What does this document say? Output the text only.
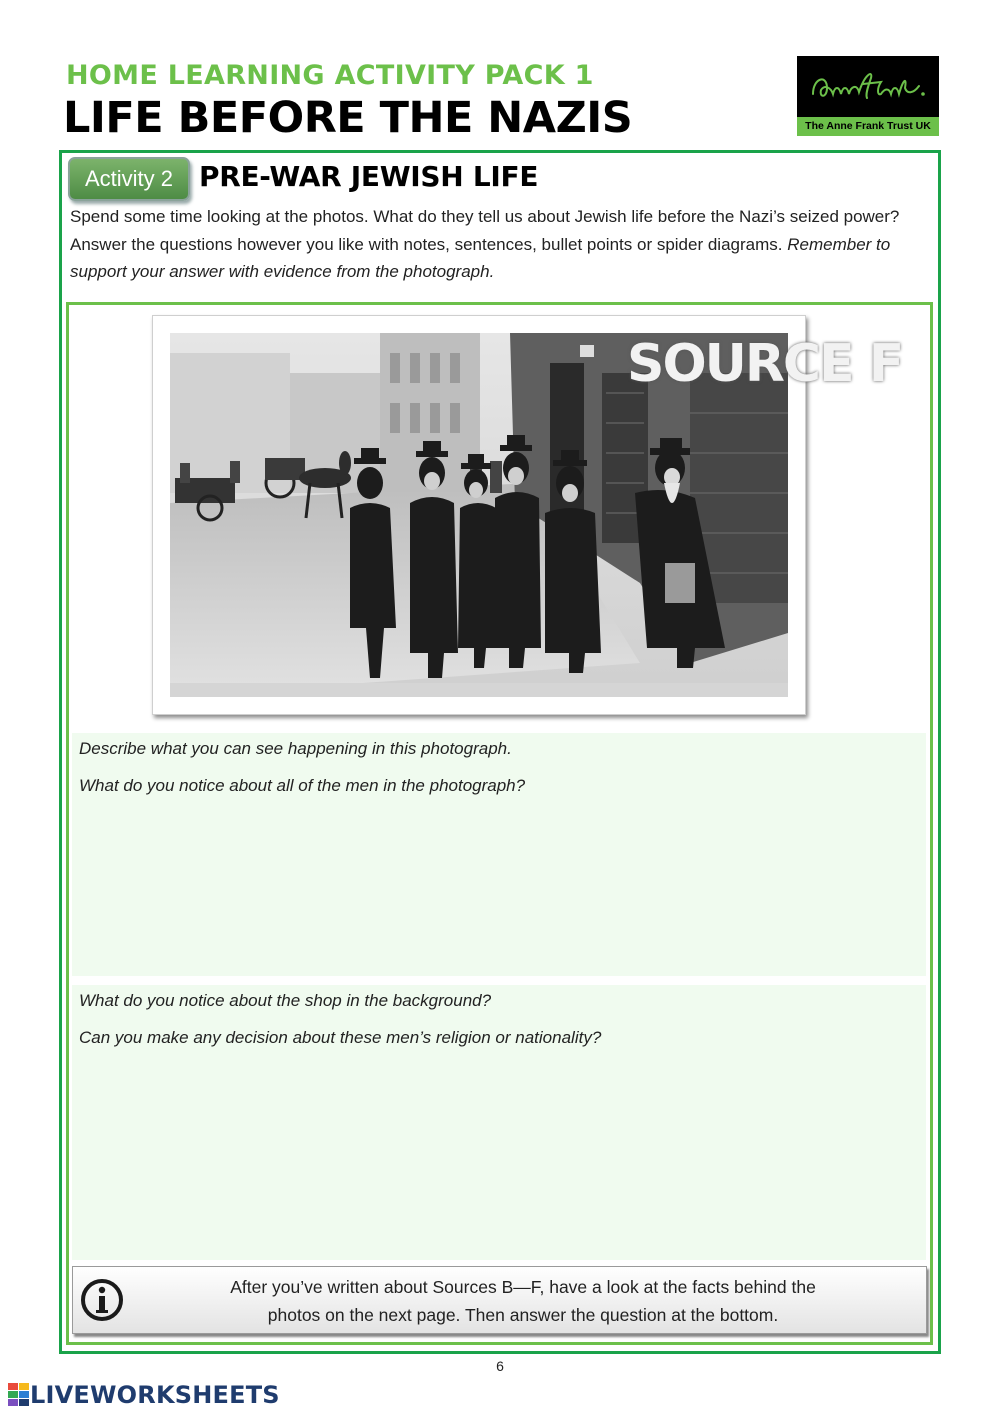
HOME LEARNING ACTIVITY PACK 1
LIFE BEFORE THE NAZIS	The Anne Frank Trust UK
Activity 2 PRE-WAR JEWISH LIFE
Spend some time looking at the photos. What do they tell us about Jewish life before the Nazi’s seized power? Answer the questions however you like with notes, sentences, bullet points or spider diagrams. Remember to support your answer with evidence from the photograph.
SOURCE F
Describe what you can see happening in this photograph.
What do you notice about all of the men in the photograph?
What do you notice about the shop in the background?
Can you make any decision about these men’s religion or nationality?
After you’ve written about Sources B—F, have a look at the facts behind the
photos on the next page. Then answer the question at the bottom.
6
LIVEWORKSHEETS
